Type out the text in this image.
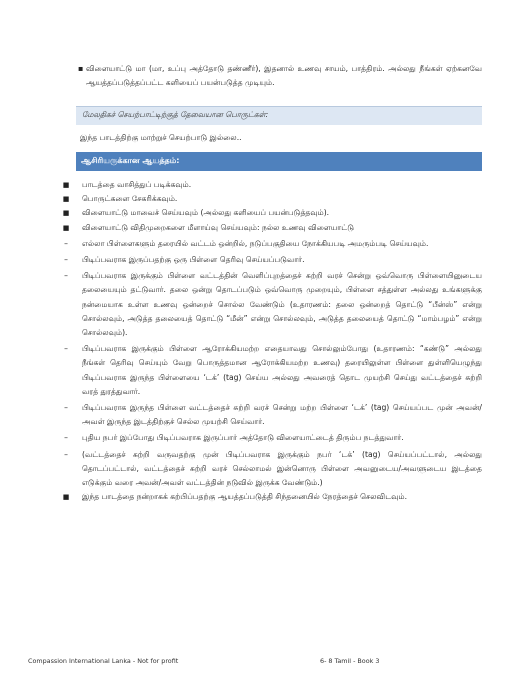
▪ விளையாட்டு மா (மா, உப்பு அத்தோடு தண்ணீர்), இதனால் உணவு சாயம், பாத்திரம். அல்லது நீங்கள் ஏற்கனவே ஆயத்தப்படுத்தப்பட்ட களியைப் பயன்படுத்த முடியும்.

மேலதிகச் செயற்பாட்டிற்குத் தேவையான பொருட்கள்:
இந்த பாடத்திற்கு மாற்றுச் செயற்பாடு இல்லை..
ஆசிரியருக்கான ஆயத்தம்:
■	பாடத்தை வாசித்துப் படிக்கவும்.
■	பொருட்களை சேகரிக்கவும்.
■	விளையாட்டு மாவைச் செய்யவும் (அல்லது களியைப் பயன்படுத்தவும்).
■	விளையாட்டு விதிமுறைகளை மீளாய்வு செய்யவும்: நல்ல உணவு விளையாட்டு
–	எல்லா பிள்ளைகளும் தரையில் வட்டம் ஒன்றில், நடுப்பகுதியை நோக்கியபடி அமரும்படி செய்யவும்.
–	பிடிப்பவராக இருப்பதற்கு ஒரு பிள்ளை தெரிவு செய்யப்படுவார்.
–	பிடிப்பவராக இருக்கும் பிள்ளை வட்டத்தின் வெளிப்புறத்தைச் சுற்றி வரச் சென்று ஒவ்வொரு பிள்ளையினுடைய தலையையும் தட்டுவார். தலை ஒன்று தொடப்படும் ஒவ்வொரு முறையும், பிள்ளை சத்துள்ள அல்லது உங்களுக்கு நன்மையாக உள்ள உணவு ஒன்றைச் சொல்ல வேண்டும் (உதாரணம்: தலை ஒன்றைத் தொட்டு “பீன்ஸ்” என்று சொல்லவும், அடுத்த தலையைத் தொட்டு “மீன்” என்று சொல்லவும், அடுத்த தலையைத் தொட்டு “மாம்பழம்” என்று சொல்லவும்).
–	பிடிப்பவராக இருக்கும் பிள்ளை ஆரோக்கியமற்ற எதையாவது சொல்லும்போது (உதாரணம்: “கண்டு” அல்லது நீங்கள் தெரிவு செய்யும் வேறு பொருத்தமான ஆரோக்கியமற்ற உணவு) தரையிலுள்ள பிள்ளை துள்ளியெழுந்து பிடிப்பவராக இருந்த பிள்ளையை ‘டக்’ (tag) செய்ய அல்லது அவரைத் தொட முயற்சி செய்து வட்டத்தைச் சுற்றி வரத் துரத்துவார்.
–	பிடிப்பவராக இருந்த பிள்ளை வட்டத்தைச் சுற்றி வரச் சென்று மற்ற பிள்ளை ‘டக்’ (tag) செய்யப்பட முன் அவன்/அவள் இருந்த இடத்திற்குச் செல்ல முயற்சி செய்வார்.
–	புதிய நபர் இப்போது பிடிப்பவராக இருப்பார் அத்தோடு விளையாட்டைத் திரும்ப நடத்துவார்.
–	(வட்டத்தைச் சுற்றி வருவதற்கு முன் பிடிப்பவராக இருக்கும் நபர் ‘டக்’ (tag) செய்யப்பட்டால், அல்லது தொடப்பட்டால், வட்டத்தைச் சுற்றி வரச் செல்லாமல் இன்னொரு பிள்ளை அவனுடைய/அவளுடைய இடத்தை எடுக்கும் வரை அவன்/அவள் வட்டத்தின் நடுவில் இருக்க வேண்டும்.)
■	இந்த பாடத்தை நன்றாகக் கற்பிப்பதற்கு ஆயத்தப்படுத்தி சிந்தனையில் நேரத்தைச் செலவிடவும்.
Compassion International Lanka - Not for profit	6- 8 Tamil - Book 3
